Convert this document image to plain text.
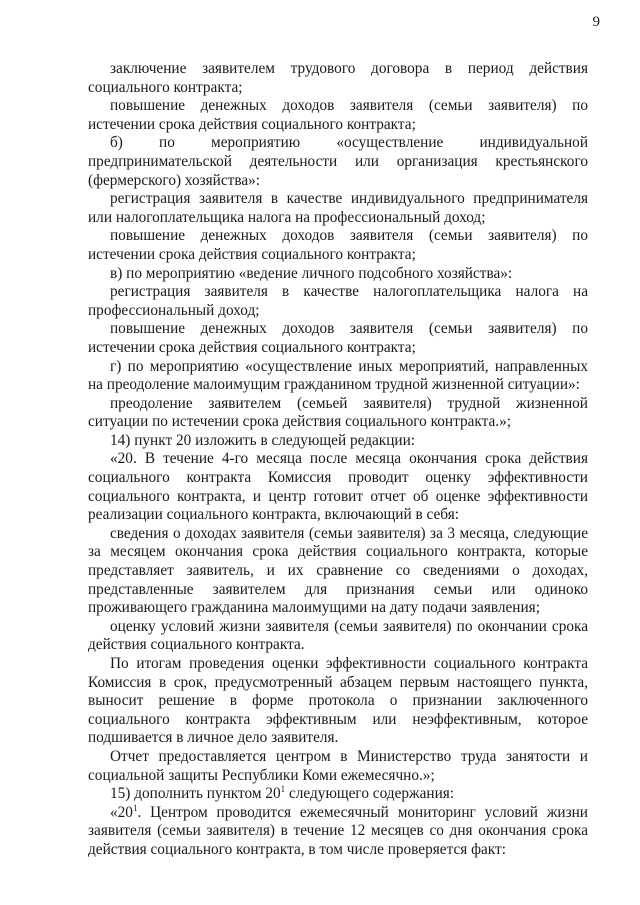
9

заключение заявителем трудового договора в период действия социального контракта;

повышение денежных доходов заявителя (семьи заявителя) по истечении срока действия социального контракта;

б) по мероприятию «осуществление индивидуальной предпринимательской деятельности или организация крестьянского (фермерского) хозяйства»:

регистрация заявителя в качестве индивидуального предпринимателя или налогоплательщика налога на профессиональный доход;

повышение денежных доходов заявителя (семьи заявителя) по истечении срока действия социального контракта;

в) по мероприятию «ведение личного подсобного хозяйства»:

регистрация заявителя в качестве налогоплательщика налога на профессиональный доход;

повышение денежных доходов заявителя (семьи заявителя) по истечении срока действия социального контракта;

г) по мероприятию «осуществление иных мероприятий, направленных на преодоление малоимущим гражданином трудной жизненной ситуации»:

преодоление заявителем (семьей заявителя) трудной жизненной ситуации по истечении срока действия социального контракта.»;

14) пункт 20 изложить в следующей редакции:

«20. В течение 4-го месяца после месяца окончания срока действия социального контракта Комиссия проводит оценку эффективности социального контракта, и центр готовит отчет об оценке эффективности реализации социального контракта, включающий в себя:

сведения о доходах заявителя (семьи заявителя) за 3 месяца, следующие за месяцем окончания срока действия социального контракта, которые представляет заявитель, и их сравнение со сведениями о доходах, представленные заявителем для признания семьи или одиноко проживающего гражданина малоимущими на дату подачи заявления;

оценку условий жизни заявителя (семьи заявителя) по окончании срока действия социального контракта.

По итогам проведения оценки эффективности социального контракта Комиссия в срок, предусмотренный абзацем первым настоящего пункта, выносит решение в форме протокола о признании заключенного социального контракта эффективным или неэффективным, которое подшивается в личное дело заявителя.

Отчет предоставляется центром в Министерство труда занятости и социальной защиты Республики Коми ежемесячно.»;

15) дополнить пунктом $20^1$ следующего содержания:

«$20^1$. Центром проводится ежемесячный мониторинг условий жизни заявителя (семьи заявителя) в течение 12 месяцев со дня окончания срока действия социального контракта, в том числе проверяется факт:
